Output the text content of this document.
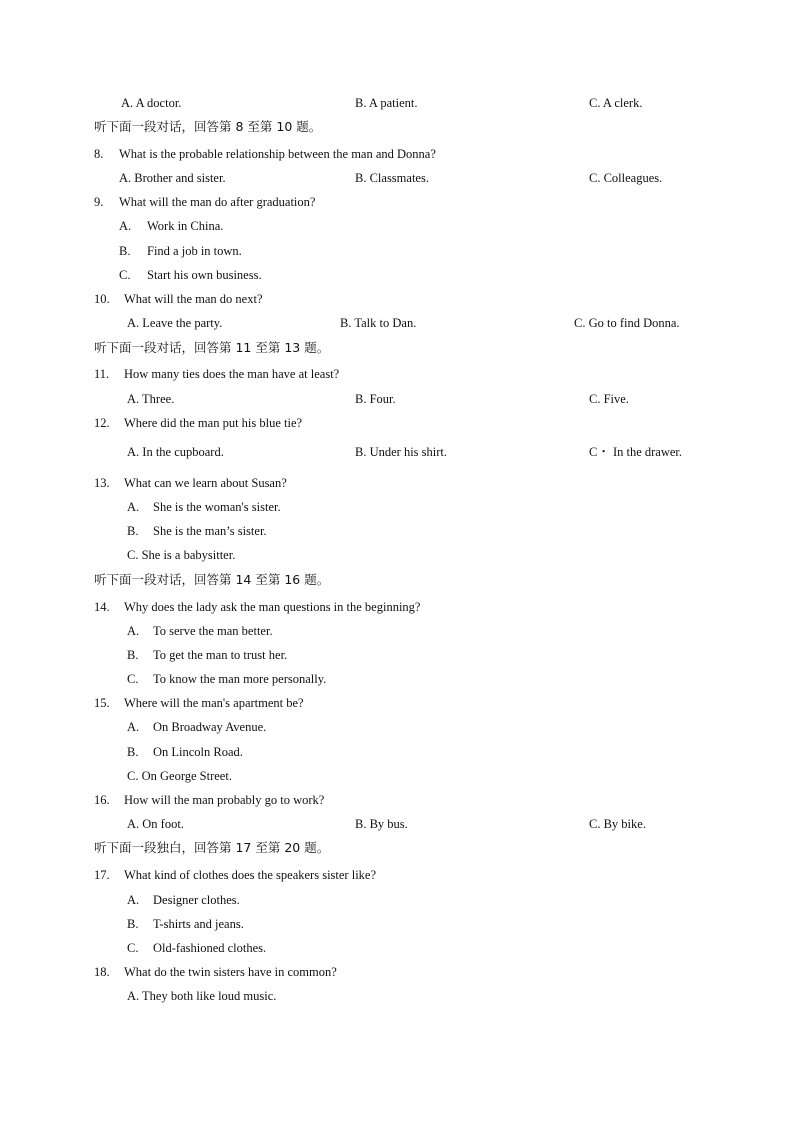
A. A doctor.	B. A patient.	C. A clerk.
听下面一段对话，回答第 8 至第 10 题。
8. What is the probable relationship between the man and Donna?
A. Brother and sister.	B. Classmates.	C. Colleagues.
9. What will the man do after graduation?
A. Work in China.
B. Find a job in town.
C. Start his own business.
10. What will the man do next?
A. Leave the party.	B. Talk to Dan.	C. Go to find Donna.
听下面一段对话，回答第 11 至第 13 题。
11. How many ties does the man have at least?
A. Three.	B. Four.	C. Five.
12. Where did the man put his blue tie?
A. In the cupboard.	B. Under his shirt.	C・ In the drawer.
13. What can we learn about Susan?
A. She is the woman's sister.
B. She is the man’s sister.
C. She is a babysitter.
听下面一段对话，回答第 14 至第 16 题。
14. Why does the lady ask the man questions in the beginning?
A. To serve the man better.
B. To get the man to trust her.
C. To know the man more personally.
15. Where will the man's apartment be?
A. On Broadway Avenue.
B. On Lincoln Road.
C. On George Street.
16. How will the man probably go to work?
A. On foot.	B. By bus.	C. By bike.
听下面一段独白，回答第 17 至第 20 题。
17. What kind of clothes does the speakers sister like?
A. Designer clothes.
B. T-shirts and jeans.
C. Old-fashioned clothes.
18. What do the twin sisters have in common?
A. They both like loud music.
